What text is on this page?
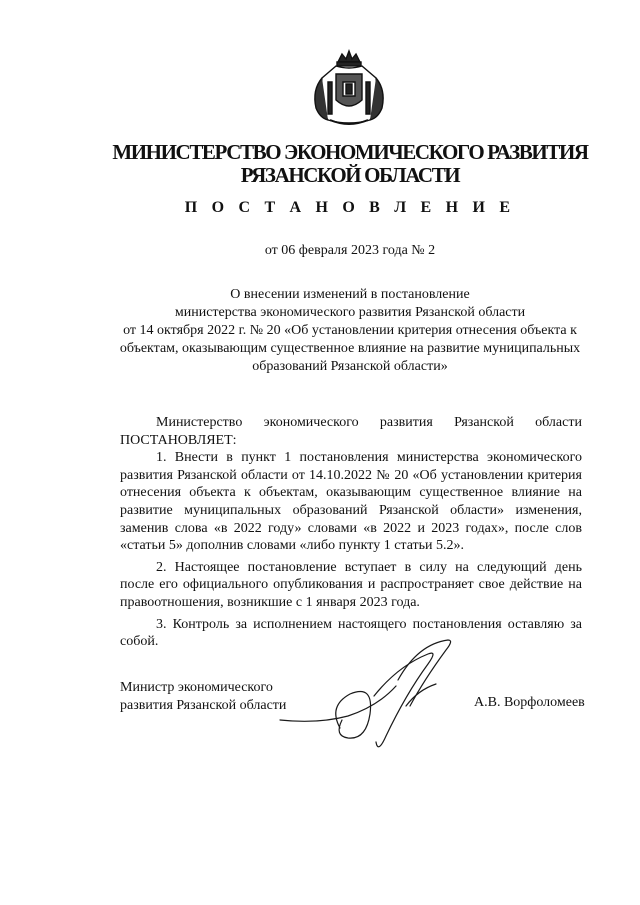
МИНИСТЕРСТВО ЭКОНОМИЧЕСКОГО РАЗВИТИЯ
РЯЗАНСКОЙ ОБЛАСТИ
П О С Т А Н О В Л Е Н И Е
от 06 февраля 2023 года № 2
О внесении изменений в постановление
министерства экономического развития Рязанской области
от 14 октября 2022 г. № 20 «Об установлении критерия отнесения объекта к
объектам, оказывающим существенное влияние на развитие муниципальных
образований Рязанской области»
Министерство экономического развития Рязанской области
ПОСТАНОВЛЯЕТ:
1. Внести в пункт 1 постановления министерства экономического развития Рязанской области от 14.10.2022 № 20 «Об установлении критерия отнесения объекта к объектам, оказывающим существенное влияние на развитие муниципальных образований Рязанской области» изменения, заменив слова «в 2022 году» словами «в 2022 и 2023 годах», после слов «статьи 5» дополнив словами «либо пункту 1 статьи 5.2».
2. Настоящее постановление вступает в силу на следующий день после его официального опубликования и распространяет свое действие на правоотношения, возникшие с 1 января 2023 года.
3. Контроль за исполнением настоящего постановления оставляю за собой.
Министр экономического
развития Рязанской области	А.В. Ворфоломеев
